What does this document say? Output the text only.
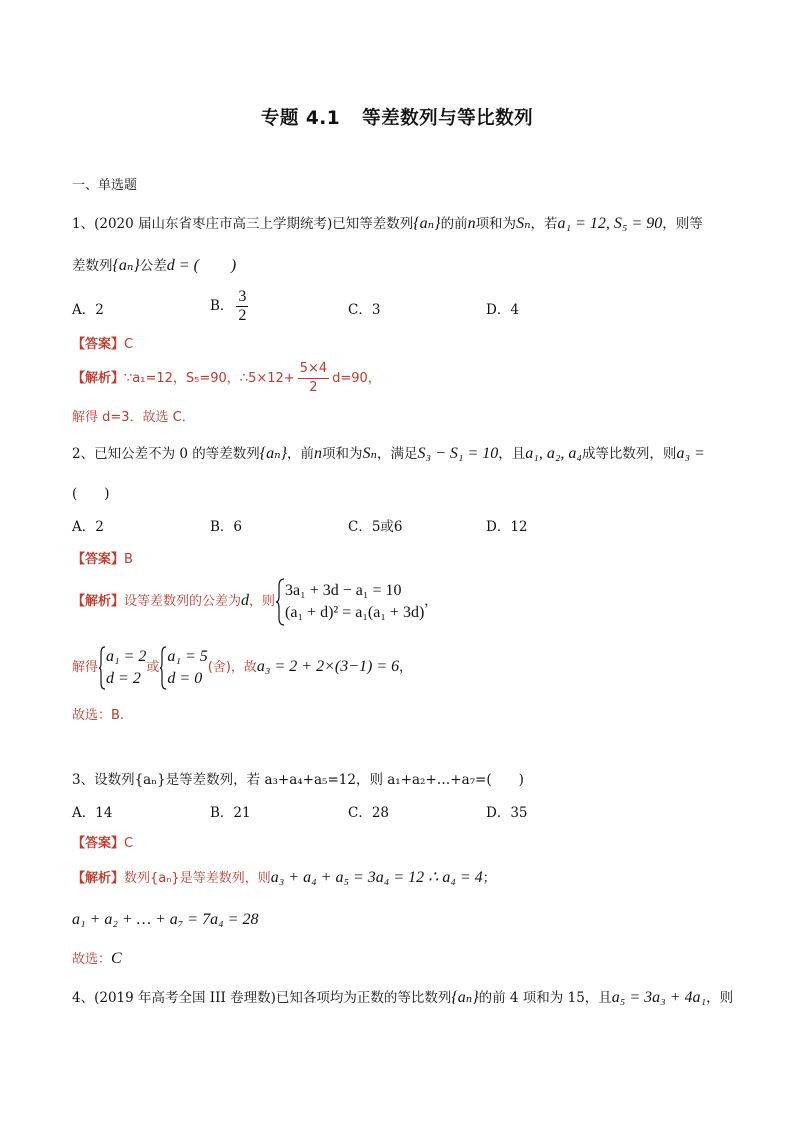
专题 4.1 等差数列与等比数列
一、单选题
1、(2020 届山东省枣庄市高三上学期统考)已知等差数列{aₙ}的前n项和为Sₙ，若a₁ = 12, S₅ = 90，则等
差数列{aₙ}公差d = (　　)
A．2	B． $\frac{3}{2}$	C．3	D．4
【答案】C
【解析】∵a₁=12，S₅=90，∴5×12+ $\frac{5\times 4}{2} d=90$，
解得 d=3．故选 C．
2、已知公差不为 0 的等差数列{aₙ}，前n项和为Sₙ，满足S₃ − S₁ = 10，且a₁, a₂, a₄成等比数列，则a₃ =
(　　)
A．2	B．6	C．5或6	D．12
【答案】B
【解析】设等差数列的公差为d，则
3a₁ + 3d − a₁ = 10
(a₁ + d)² = a₁(a₁ + 3d)
，
解得
a₁ = 2
d = 2
或
a₁ = 5
d = 0
(舍)，故a₃ = 2 + 2×(3−1) = 6，
故选：B.
3、设数列{aₙ}是等差数列，若 a₃+a₄+a₅=12，则 a₁+a₂+…+a₇=(　　)
A．14	B．21	C．28	D．35
【答案】C
【解析】数列{aₙ}是等差数列，则a₃ + a₄ + a₅ = 3a₄ = 12 ∴ a₄ = 4；
a₁ + a₂ + … + a₇ = 7a₄ = 28
故选：C
4、(2019 年高考全国 III 卷理数)已知各项均为正数的等比数列{aₙ}的前 4 项和为 15，且a₅ = 3a₃ + 4a₁，则
